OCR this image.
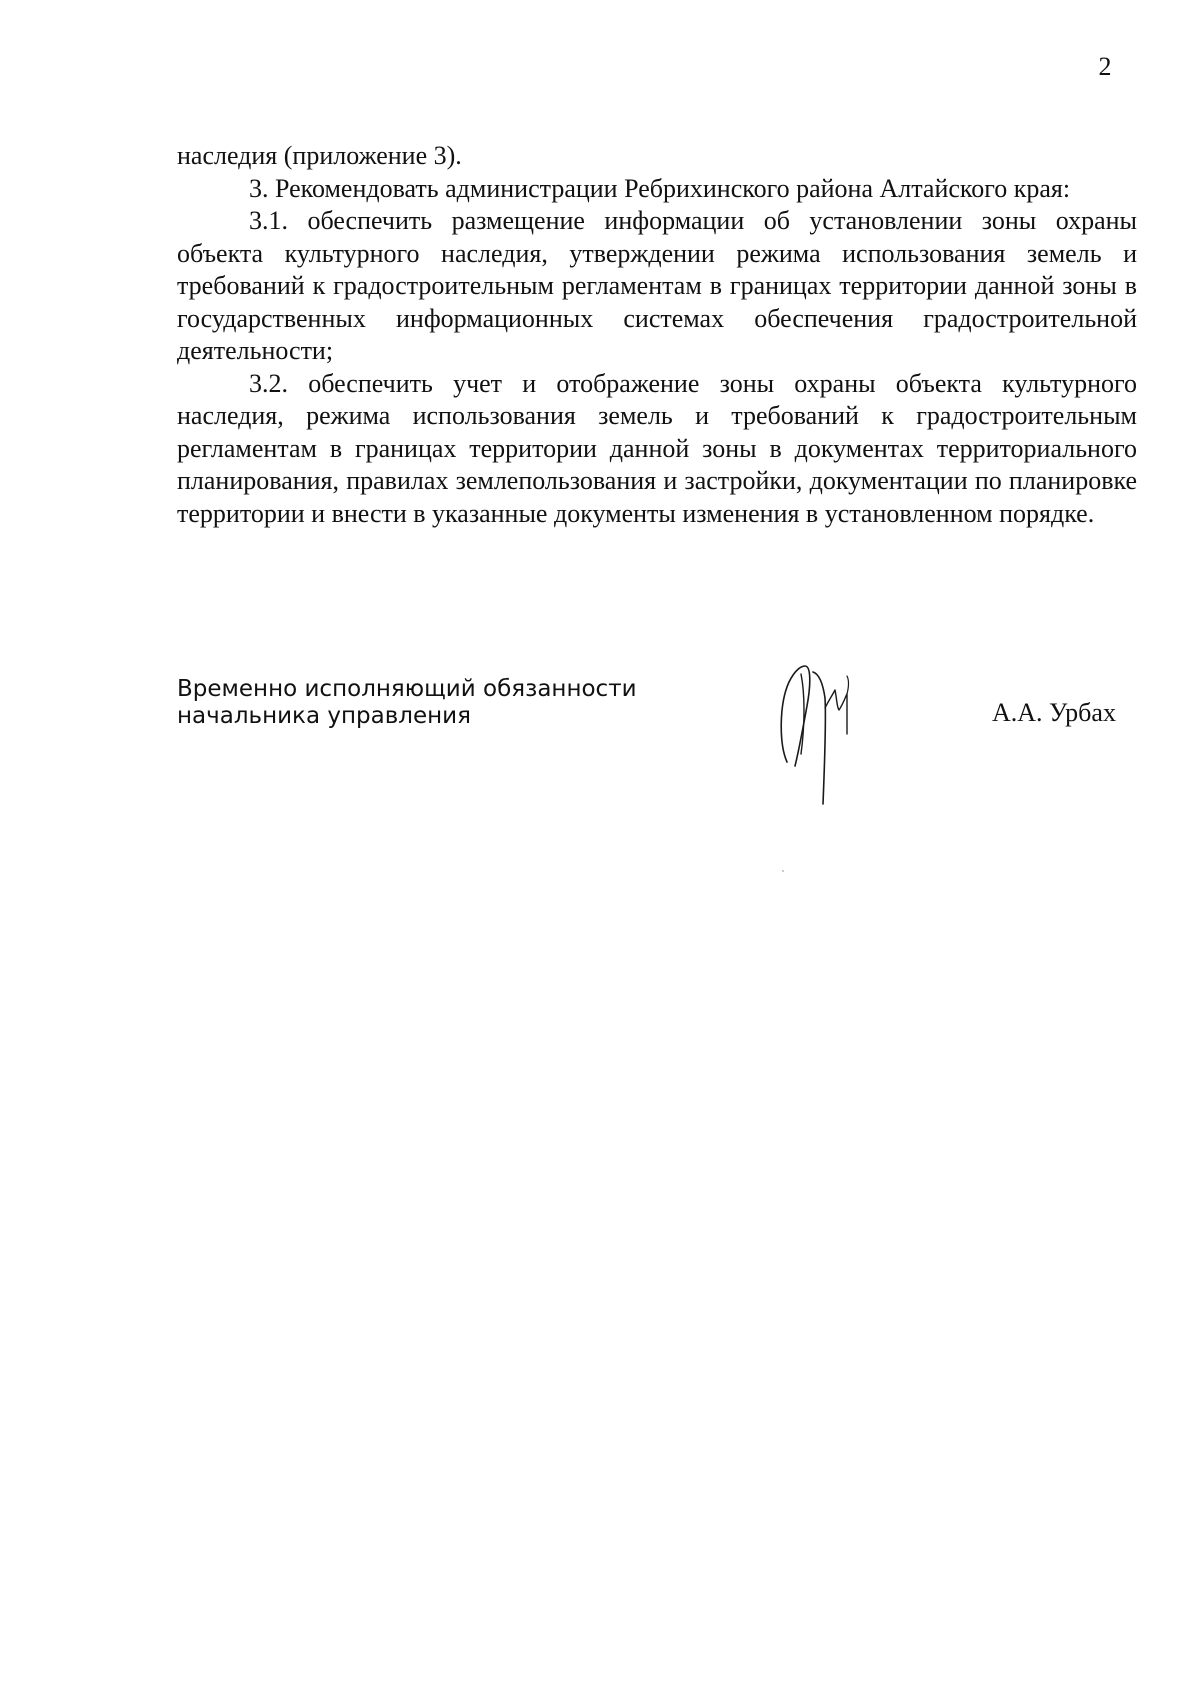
2

наследия (приложение 3).

3. Рекомендовать администрации Ребрихинского района Алтайского края:

3.1. обеспечить размещение информации об установлении зоны охраны объекта культурного наследия, утверждении режима использования земель и требований к градостроительным регламентам в границах территории данной зоны в государственных информационных системах обеспечения градостроительной деятельности;

3.2. обеспечить учет и отображение зоны охраны объекта культурного наследия, режима использования земель и требований к градостроительным регламентам в границах территории данной зоны в документах территориального планирования, правилах землепользования и застройки, документации по планировке территории и внести в указанные документы изменения в установленном порядке.

Временно исполняющий обязанности
начальника управления	А.А. Урбах
